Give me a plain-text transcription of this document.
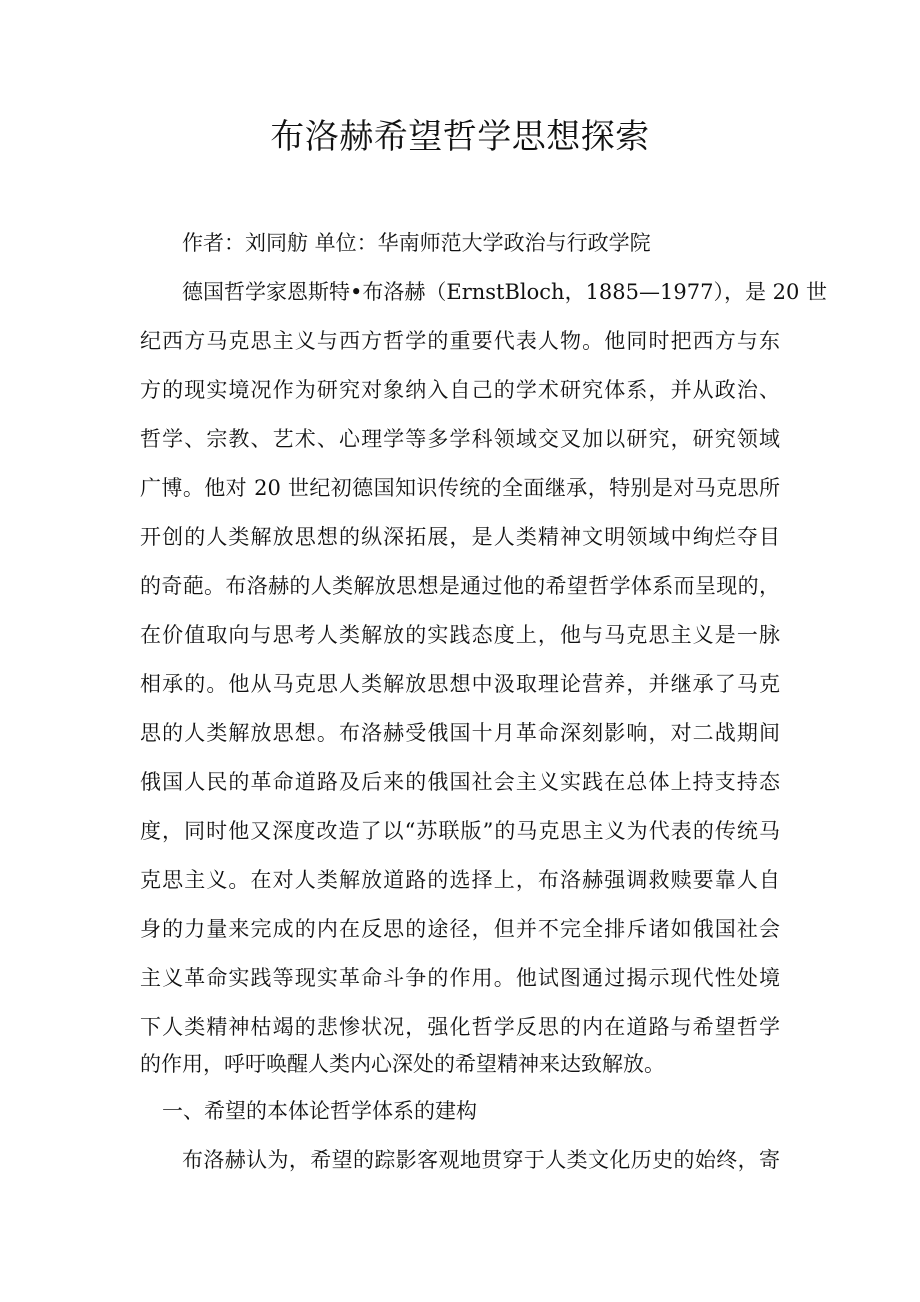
布洛赫希望哲学思想探索
作者：刘同舫 单位：华南师范大学政治与行政学院
德国哲学家恩斯特•布洛赫（ErnstBloch，1885—1977），是 20 世
纪西方马克思主义与西方哲学的重要代表人物。他同时把西方与东
方的现实境况作为研究对象纳入自己的学术研究体系，并从政治、
哲学、宗教、艺术、心理学等多学科领域交叉加以研究，研究领域
广博。他对 20 世纪初德国知识传统的全面继承，特别是对马克思所
开创的人类解放思想的纵深拓展，是人类精神文明领域中绚烂夺目
的奇葩。布洛赫的人类解放思想是通过他的希望哲学体系而呈现的，
在价值取向与思考人类解放的实践态度上，他与马克思主义是一脉
相承的。他从马克思人类解放思想中汲取理论营养，并继承了马克
思的人类解放思想。布洛赫受俄国十月革命深刻影响，对二战期间
俄国人民的革命道路及后来的俄国社会主义实践在总体上持支持态
度，同时他又深度改造了以“苏联版”的马克思主义为代表的传统马
克思主义。在对人类解放道路的选择上，布洛赫强调救赎要靠人自
身的力量来完成的内在反思的途径，但并不完全排斥诸如俄国社会
主义革命实践等现实革命斗争的作用。他试图通过揭示现代性处境
下人类精神枯竭的悲惨状况，强化哲学反思的内在道路与希望哲学
的作用，呼吁唤醒人类内心深处的希望精神来达致解放。
一、希望的本体论哲学体系的建构
布洛赫认为，希望的踪影客观地贯穿于人类文化历史的始终，寄
